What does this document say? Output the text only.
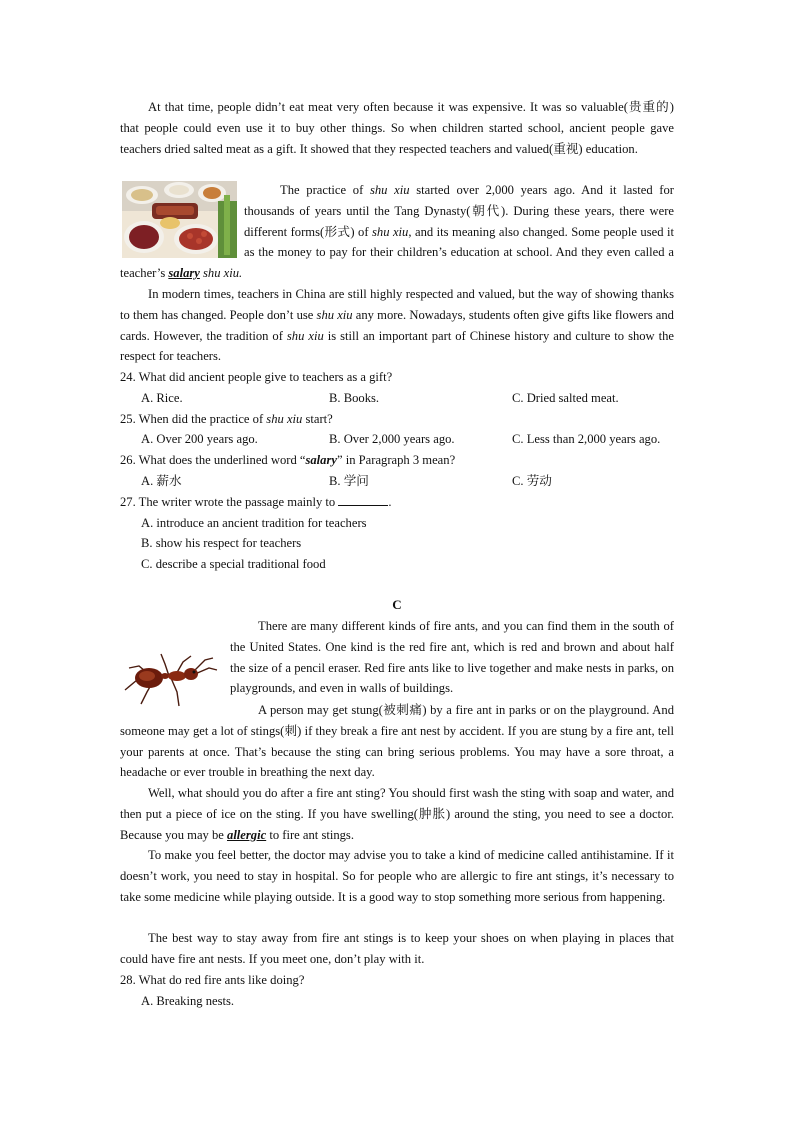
At that time, people didn’t eat meat very often because it was expensive. It was so valuable(贵重的) that people could even use it to buy other things. So when children started school, ancient people gave teachers dried salted meat as a gift. It showed that they respected teachers and valued(重视) education.

The practice of shu xiu started over 2,000 years ago. And it lasted for thousands of years until the Tang Dynasty(朝代). During these years, there were different forms(形式) of shu xiu, and its meaning also changed. Some people used it as the money to pay for their children’s education at school. And they even called a teacher’s salary shu xiu.

In modern times, teachers in China are still highly respected and valued, but the way of showing thanks to them has changed. People don’t use shu xiu any more. Nowadays, students often give gifts like flowers and cards. However, the tradition of shu xiu is still an important part of Chinese history and culture to show the respect for teachers.

24. What did ancient people give to teachers as a gift?

A. Rice.	B. Books.	C. Dried salted meat.

25. When did the practice of shu xiu start?

A. Over 200 years ago.	B. Over 2,000 years ago.	C. Less than 2,000 years ago.

26. What does the underlined word “salary” in Paragraph 3 mean?

A. 薪水	B. 学问	C. 劳动

27. The writer wrote the passage mainly to	.

A. introduce an ancient tradition for teachers

B. show his respect for teachers

C. describe a special traditional food

C

There are many different kinds of fire ants, and you can find them in the south of the United States. One kind is the red fire ant, which is red and brown and about half the size of a pencil eraser. Red fire ants like to live together and make nests in parks, on playgrounds, and even in walls of buildings.

A person may get stung(被刺痛) by a fire ant in parks or on the playground. And someone may get a lot of stings(刺) if they break a fire ant nest by accident. If you are stung by a fire ant, tell your parents at once. That’s because the sting can bring serious problems. You may have a sore throat, a headache or ever trouble in breathing the next day.

Well, what should you do after a fire ant sting? You should first wash the sting with soap and water, and then put a piece of ice on the sting. If you have swelling(肿胀) around the sting, you need to see a doctor. Because you may be allergic to fire ant stings.

To make you feel better, the doctor may advise you to take a kind of medicine called antihistamine. If it doesn’t work, you need to stay in hospital. So for people who are allergic to fire ant stings, it’s necessary to take some medicine while playing outside. It is a good way to stop something more serious from happening.

The best way to stay away from fire ant stings is to keep your shoes on when playing in places that could have fire ant nests. If you meet one, don’t play with it.

28. What do red fire ants like doing?

A. Breaking nests.
